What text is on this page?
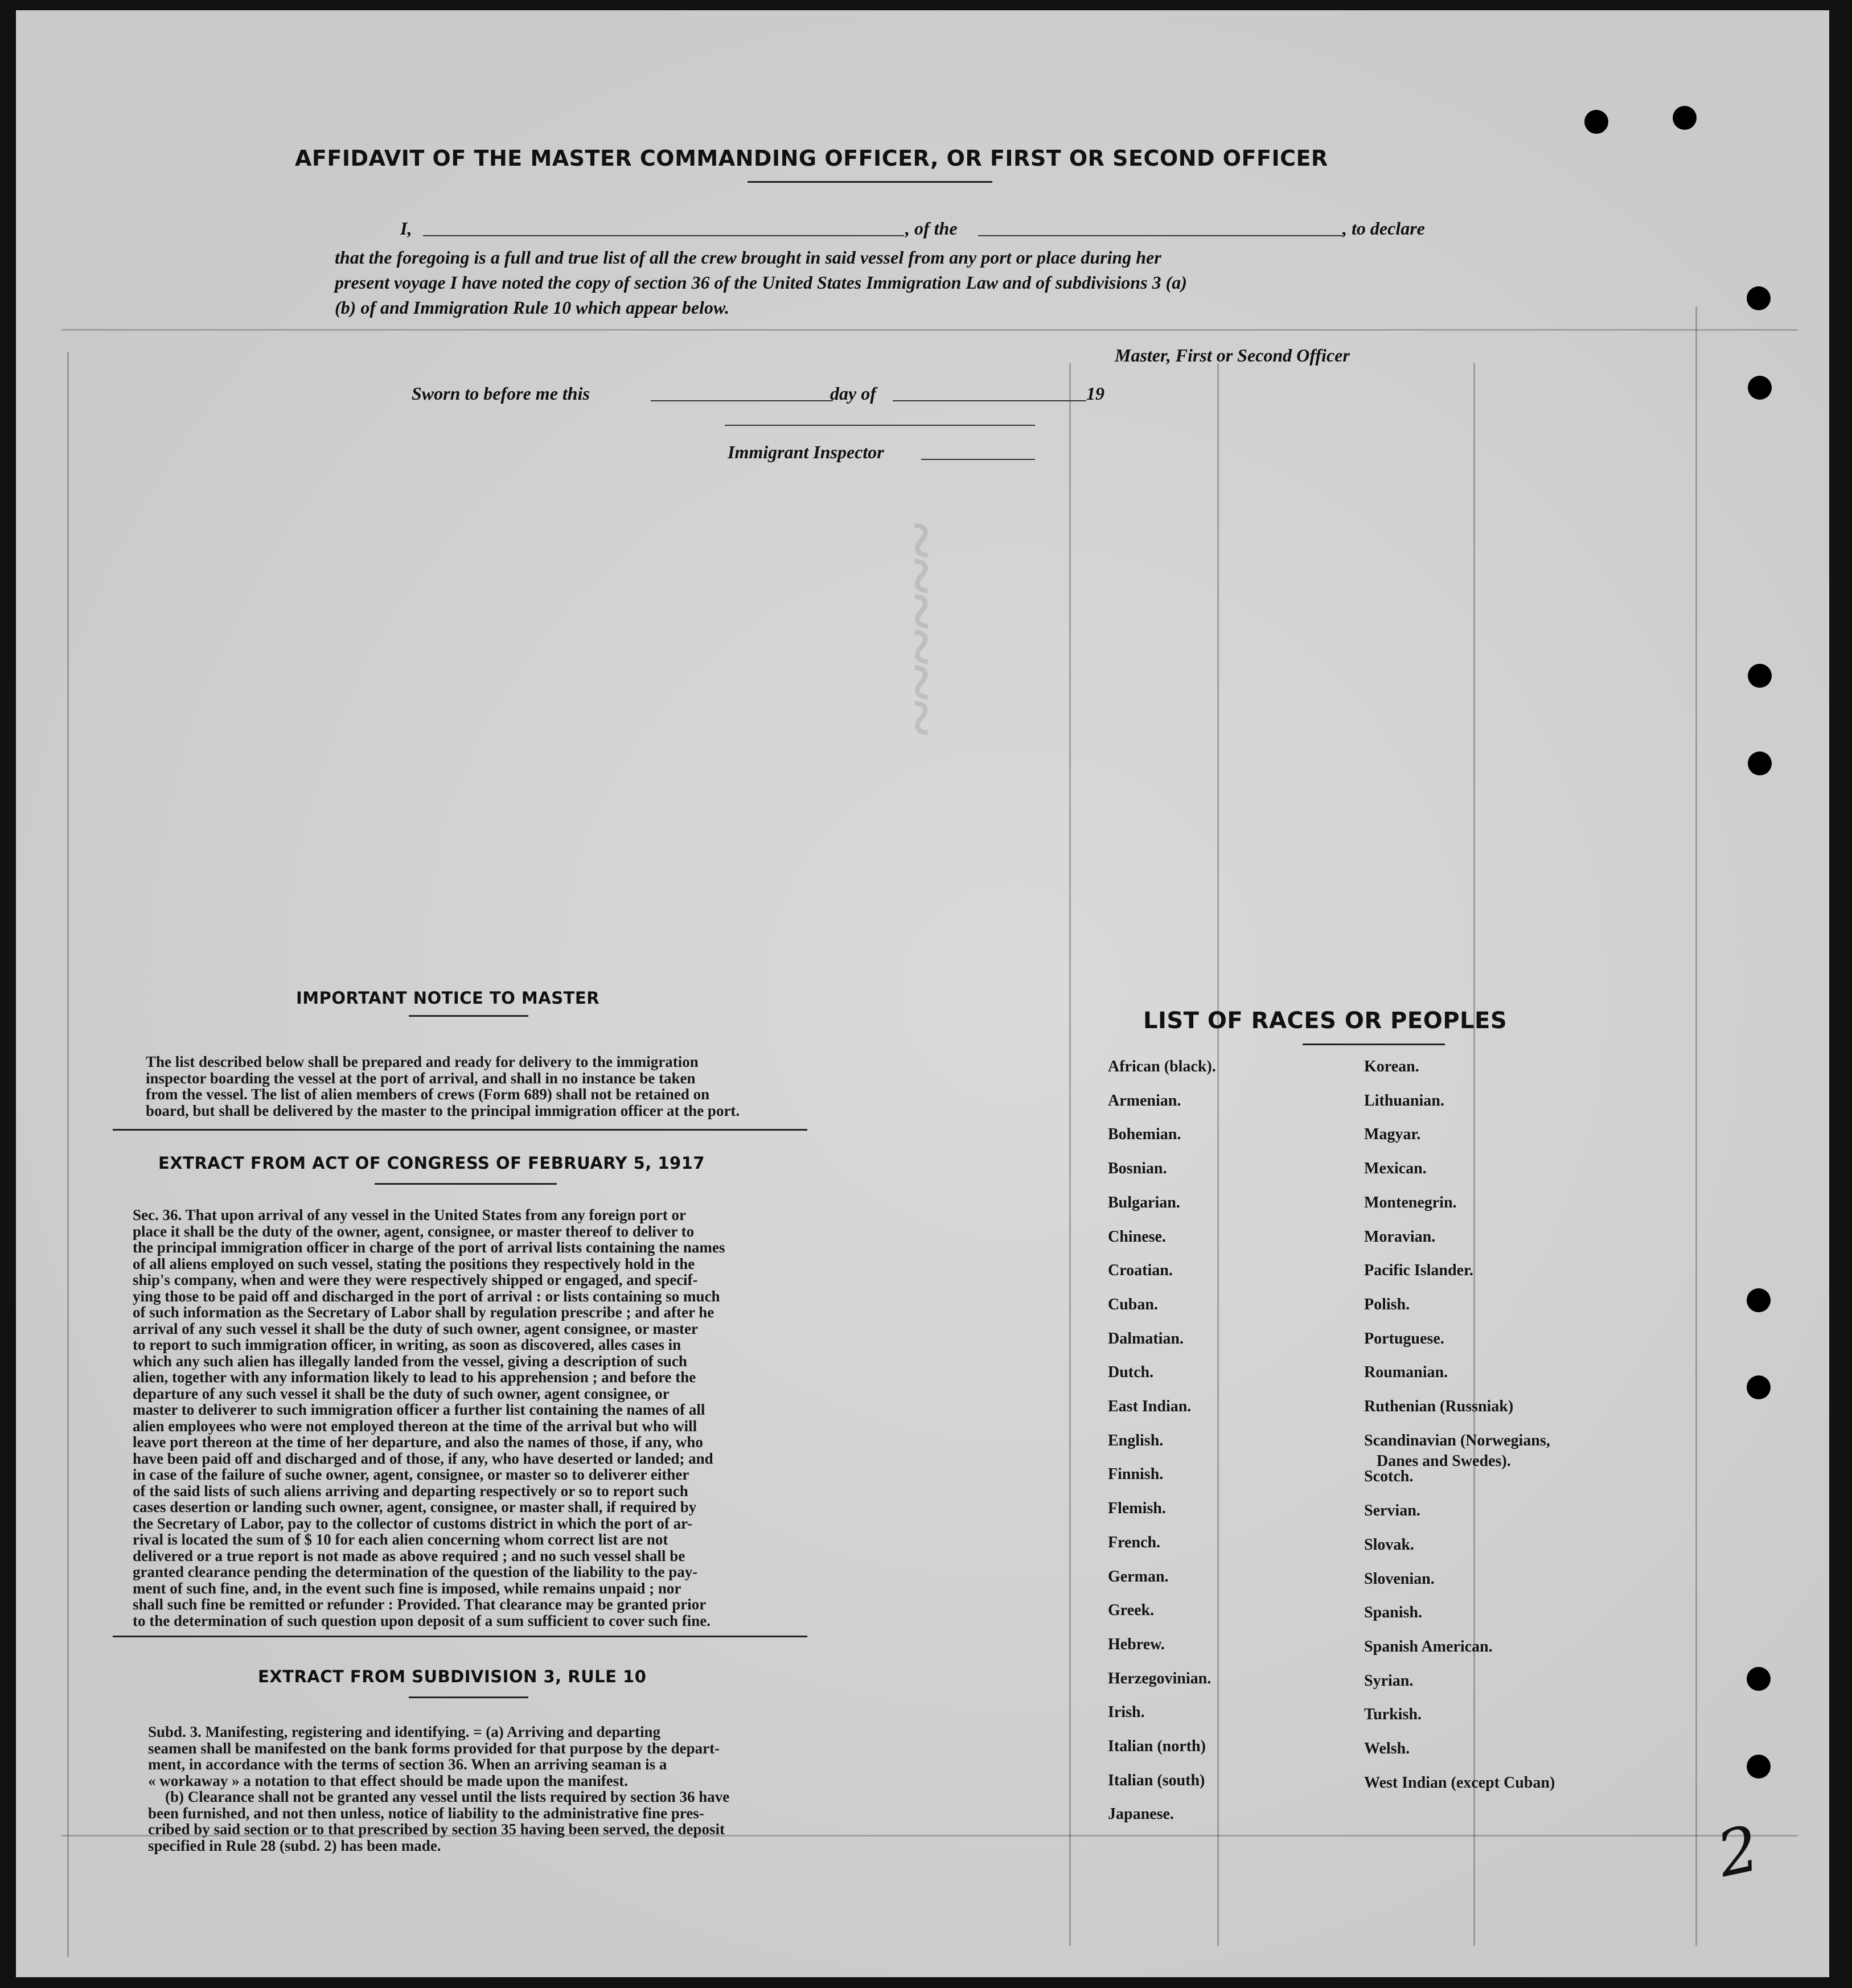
~~~~~~
AFFIDAVIT OF THE MASTER COMMANDING OFFICER, OR FIRST OR SECOND OFFICER
I,	, of the	, to declare
that the foregoing is a full and true list of all the crew brought in said vessel from any port or place during her
present voyage I have noted the copy of section 36 of the United States Immigration Law and of subdivisions 3 (a)
(b) of and Immigration Rule 10 which appear below.
Master, First or Second Officer
Sworn to before me this	day of	19
Immigrant Inspector
IMPORTANT NOTICE TO MASTER
The list described below shall be prepared and ready for delivery to the immigration
inspector boarding the vessel at the port of arrival, and shall in no instance be taken
from the vessel. The list of alien members of crews (Form 689) shall not be retained on
board, but shall be delivered by the master to the principal immigration officer at the port.
EXTRACT FROM ACT OF CONGRESS OF FEBRUARY 5, 1917
Sec. 36. That upon arrival of any vessel in the United States from any foreign port or
place it shall be the duty of the owner, agent, consignee, or master thereof to deliver to
the principal immigration officer in charge of the port of arrival lists containing the names
of all aliens employed on such vessel, stating the positions they respectively hold in the
ship's company, when and were they were respectively shipped or engaged, and specif-
ying those to be paid off and discharged in the port of arrival : or lists containing so much
of such information as the Secretary of Labor shall by regulation prescribe ; and after he
arrival of any such vessel it shall be the duty of such owner, agent consignee, or master
to report to such immigration officer, in writing, as soon as discovered, alles cases in
which any such alien has illegally landed from the vessel, giving a description of such
alien, together with any information likely to lead to his apprehension ; and before the
departure of any such vessel it shall be the duty of such owner, agent consignee, or
master to deliverer to such immigration officer a further list containing the names of all
alien employees who were not employed thereon at the time of the arrival but who will
leave port thereon at the time of her departure, and also the names of those, if any, who
have been paid off and discharged and of those, if any, who have deserted or landed; and
in case of the failure of suche owner, agent, consignee, or master so to deliverer either
of the said lists of such aliens arriving and departing respectively or so to report such
cases desertion or landing such owner, agent, consignee, or master shall, if required by
the Secretary of Labor, pay to the collector of customs district in which the port of ar-
rival is located the sum of $ 10 for each alien concerning whom correct list are not
delivered or a true report is not made as above required ; and no such vessel shall be
granted clearance pending the determination of the question of the liability to the pay-
ment of such fine, and, in the event such fine is imposed, while remains unpaid ; nor
shall such fine be remitted or refunder : Provided. That clearance may be granted prior
to the determination of such question upon deposit of a sum sufficient to cover such fine.
EXTRACT FROM SUBDIVISION 3, RULE 10
Subd. 3. Manifesting, registering and identifying. = (a) Arriving and departing
seamen shall be manifested on the bank forms provided for that purpose by the depart-
ment, in accordance with the terms of section 36. When an arriving seaman is a
« workaway » a notation to that effect should be made upon the manifest.
(b) Clearance shall not be granted any vessel until the lists required by section 36 have
been furnished, and not then unless, notice of liability to the administrative fine pres-
cribed by said section or to that prescribed by section 35 having been served, the deposit
specified in Rule 28 (subd. 2) has been made.
LIST OF RACES OR PEOPLES
2
African (black).
Armenian.
Bohemian.
Bosnian.
Bulgarian.
Chinese.
Croatian.
Cuban.
Dalmatian.
Dutch.
East Indian.
English.
Finnish.
Flemish.
French.
German.
Greek.
Hebrew.
Herzegovinian.
Irish.
Italian (north)
Italian (south)
Japanese.
Korean.
Lithuanian.
Magyar.
Mexican.
Montenegrin.
Moravian.
Pacific Islander.
Polish.
Portuguese.
Roumanian.
Ruthenian (Russniak)
Scandinavian (Norwegians,
Danes and Swedes).
Scotch.
Servian.
Slovak.
Slovenian.
Spanish.
Spanish American.
Syrian.
Turkish.
Welsh.
West Indian (except Cuban)
